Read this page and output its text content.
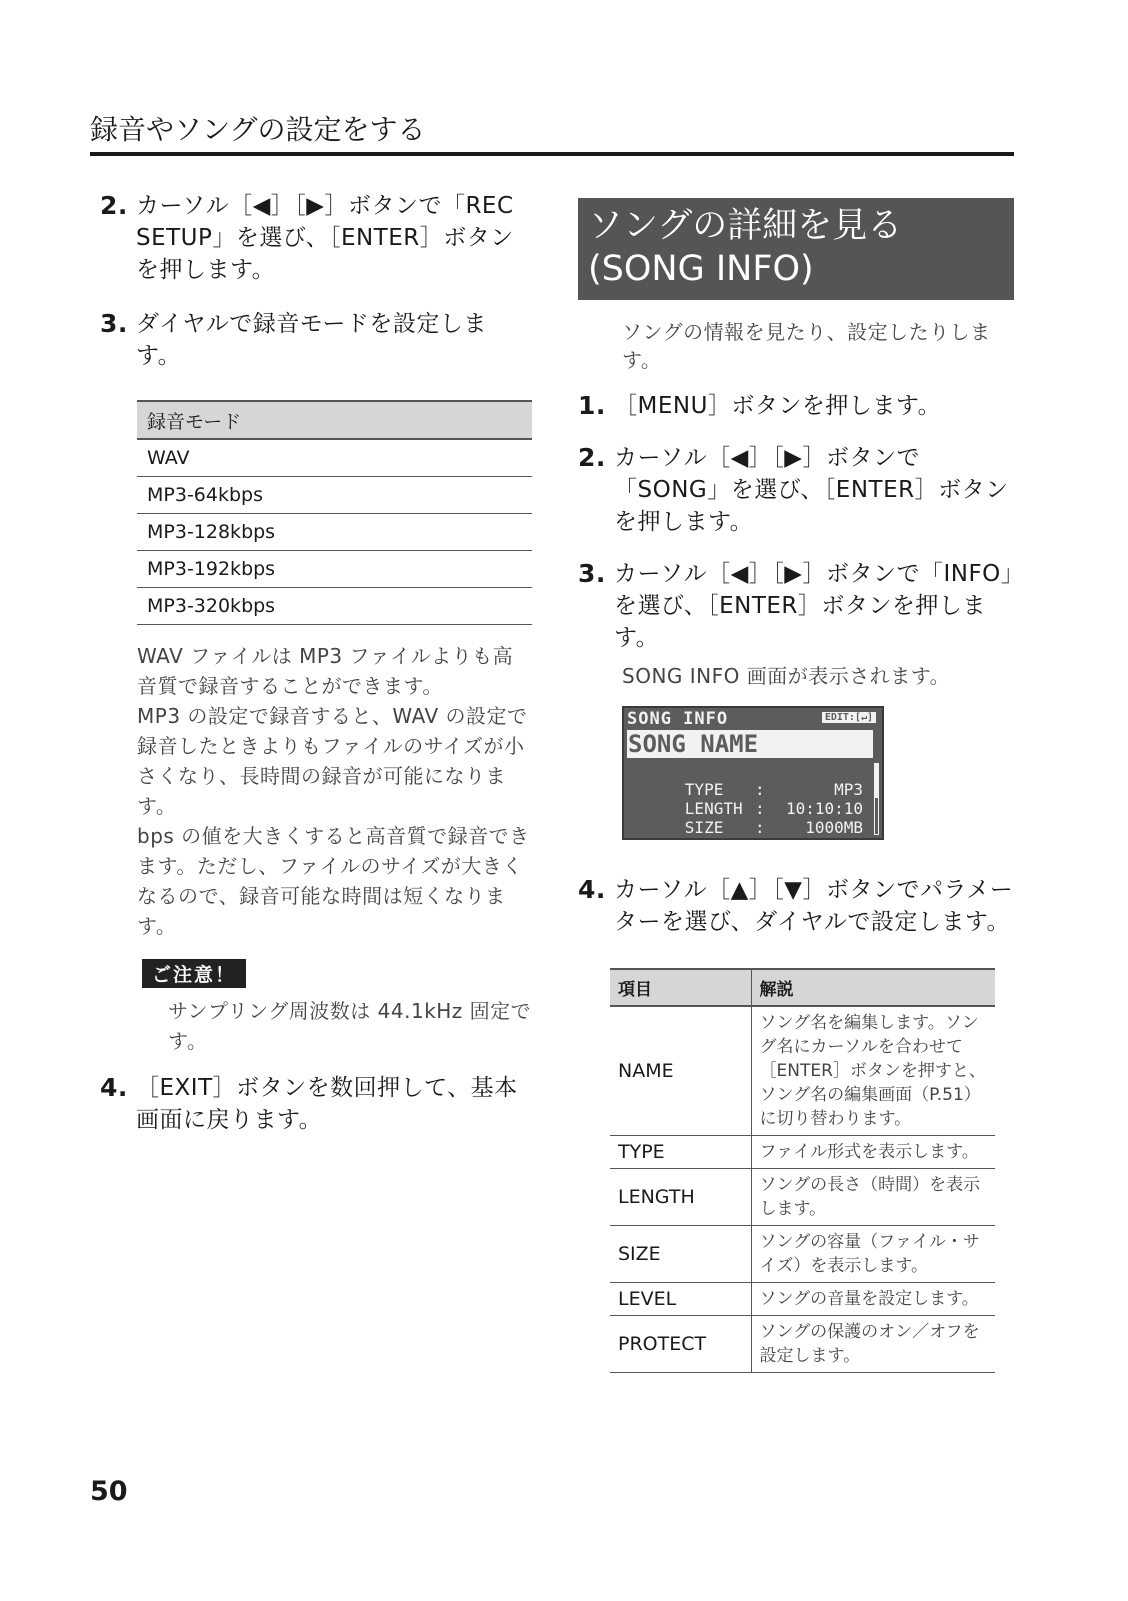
録音やソングの設定をする
2. カーソル［◀］［▶］ボタンで「REC SETUP」を選び、［ENTER］ボタンを押します。
3. ダイヤルで録音モードを設定します。
録音モード
WAV
MP3-64kbps
MP3-128kbps
MP3-192kbps
MP3-320kbps

WAV ファイルは MP3 ファイルよりも高音質で録音することができます。

MP3 の設定で録音すると、WAV の設定で録音したときよりもファイルのサイズが小さくなり、長時間の録音が可能になります。

bps の値を大きくすると高音質で録音できます。ただし、ファイルのサイズが大きくなるので、録音可能な時間は短くなります。

ご注意！

サンプリング周波数は 44.1kHz 固定です。

4. ［EXIT］ボタンを数回押して、基本画面に戻ります。
ソングの詳細を見る
(SONG INFO)

ソングの情報を見たり、設定したりします。

1. ［MENU］ボタンを押します。
2. カーソル［◀］［▶］ボタンで「SONG」を選び、［ENTER］ボタンを押します。
3. カーソル［◀］［▶］ボタンで「INFO」を選び、［ENTER］ボタンを押します。

SONG INFO 画面が表示されます。

SONG INFO	EDIT:[↵]
SONG NAME

TYPE :	MP3

LENGTH : 10:10:10

SIZE :	1000MB

4. カーソル［▲］［▼］ボタンでパラメーターを選び、ダイヤルで設定します。
項目	解説
NAME	ソング名を編集します。ソング名にカーソルを合わせて［ENTER］ボタンを押すと、ソング名の編集画面（P.51）に切り替わります。
TYPE	ファイル形式を表示します。
LENGTH	ソングの長さ（時間）を表示します。
SIZE	ソングの容量（ファイル・サイズ）を表示します。
LEVEL	ソングの音量を設定します。
PROTECT	ソングの保護のオン／オフを設定します。
50
